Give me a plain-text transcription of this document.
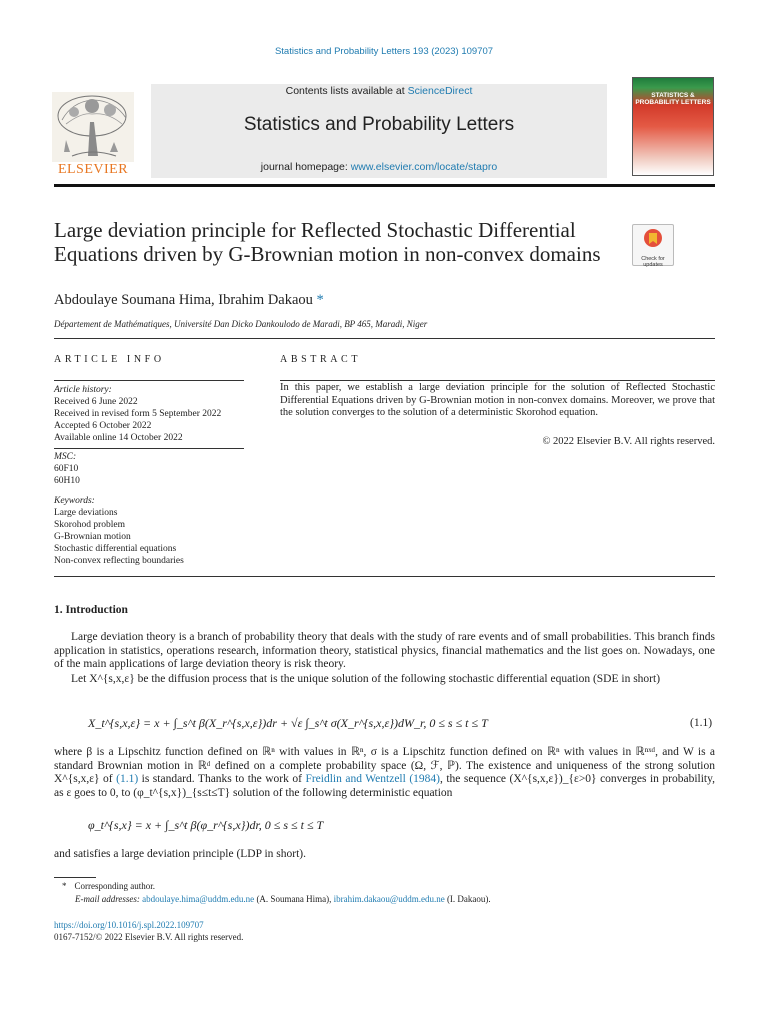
Statistics and Probability Letters 193 (2023) 109707
ELSEVIER
Contents lists available at ScienceDirect
Statistics and Probability Letters
journal homepage: www.elsevier.com/locate/stapro
STATISTICS & PROBABILITY LETTERS
Large deviation principle for Reflected Stochastic Differential Equations driven by G-Brownian motion in non-convex domains	Check for updates
Abdoulaye Soumana Hima, Ibrahim Dakaou *
Département de Mathématiques, Université Dan Dicko Dankoulodo de Maradi, BP 465, Maradi, Niger
ARTICLE INFO
Article history:
Received 6 June 2022
Received in revised form 5 September 2022
Accepted 6 October 2022
Available online 14 October 2022
MSC:
60F10
60H10
Keywords:
Large deviations
Skorohod problem
G-Brownian motion
Stochastic differential equations
Non-convex reflecting boundaries
ABSTRACT
In this paper, we establish a large deviation principle for the solution of Reflected Stochastic Differential Equations driven by G-Brownian motion in non-convex domains. Moreover, we prove that the solution converges to the solution of a deterministic Skorohod equation.
© 2022 Elsevier B.V. All rights reserved.
1. Introduction
Large deviation theory is a branch of probability theory that deals with the study of rare events and of small probabilities. This branch finds application in statistics, operations research, information theory, statistical physics, financial mathematics and the list goes on. Nowadays, one of the main applications of large deviation theory is risk theory.
Let X^{s,x,ε} be the diffusion process that is the unique solution of the following stochastic differential equation (SDE in short)
X_t^{s,x,ε} = x + ∫_s^t β(X_r^{s,x,ε})dr + √ε ∫_s^t σ(X_r^{s,x,ε})dW_r, 0 ≤ s ≤ t ≤ T	(1.1)
where β is a Lipschitz function defined on ℝⁿ with values in ℝⁿ, σ is a Lipschitz function defined on ℝⁿ with values in ℝⁿˣᵈ, and W is a standard Brownian motion in ℝᵈ defined on a complete probability space (Ω, ℱ, ℙ). The existence and uniqueness of the strong solution X^{s,x,ε} of (1.1) is standard. Thanks to the work of Freidlin and Wentzell (1984), the sequence (X^{s,x,ε})_{ε>0} converges in probability, as ε goes to 0, to (φ_t^{s,x})_{s≤t≤T} solution of the following deterministic equation
φ_t^{s,x} = x + ∫_s^t β(φ_r^{s,x})dr, 0 ≤ s ≤ t ≤ T
and satisfies a large deviation principle (LDP in short).
* Corresponding author.
E-mail addresses: abdoulaye.hima@uddm.edu.ne (A. Soumana Hima), ibrahim.dakaou@uddm.edu.ne (I. Dakaou).
https://doi.org/10.1016/j.spl.2022.109707
0167-7152/© 2022 Elsevier B.V. All rights reserved.
